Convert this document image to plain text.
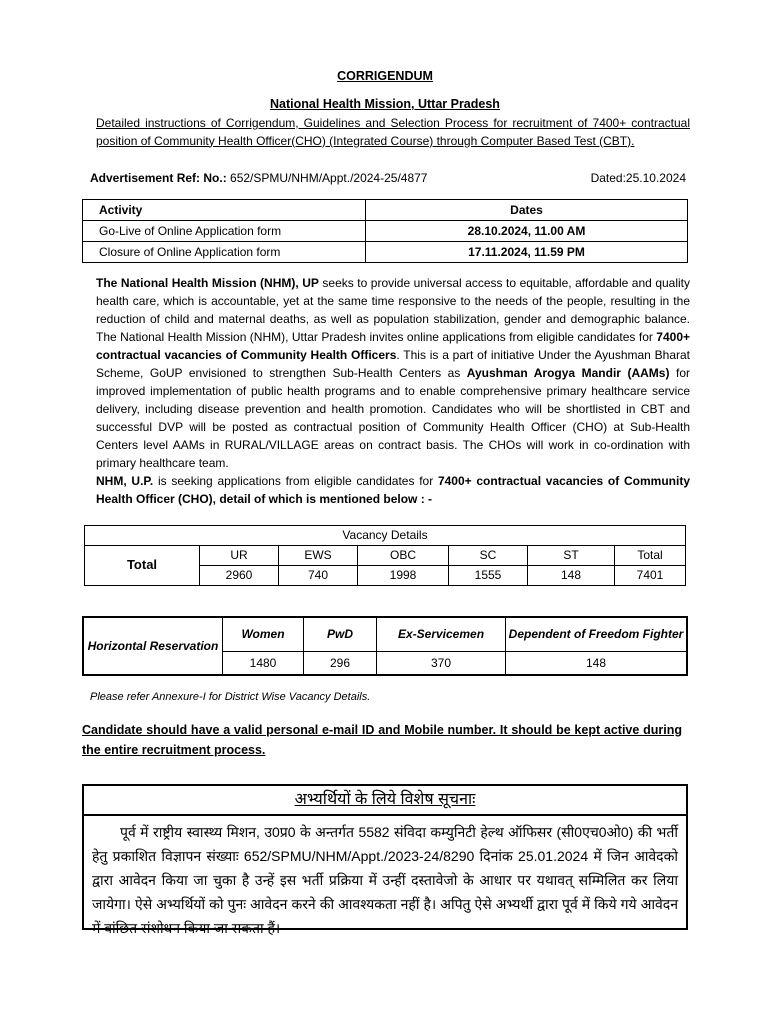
CORRIGENDUM
National Health Mission, Uttar Pradesh
Detailed instructions of Corrigendum, Guidelines and Selection Process for recruitment of 7400+ contractual position of Community Health Officer(CHO) (Integrated Course) through Computer Based Test (CBT).
Advertisement Ref: No.: 652/SPMU/NHM/Appt./2024-25/4877	Dated:25.10.2024
Activity	Dates
Go-Live of Online Application form	28.10.2024, 11.00 AM
Closure of Online Application form	17.11.2024, 11.59 PM
The National Health Mission (NHM), UP seeks to provide universal access to equitable, affordable and quality health care, which is accountable, yet at the same time responsive to the needs of the people, resulting in the reduction of child and maternal deaths, as well as population stabilization, gender and demographic balance. The National Health Mission (NHM), Uttar Pradesh invites online applications from eligible candidates for 7400+ contractual vacancies of Community Health Officers. This is a part of initiative Under the Ayushman Bharat Scheme, GoUP envisioned to strengthen Sub-Health Centers as Ayushman Arogya Mandir (AAMs) for improved implementation of public health programs and to enable comprehensive primary healthcare service delivery, including disease prevention and health promotion. Candidates who will be shortlisted in CBT and successful DVP will be posted as contractual position of Community Health Officer (CHO) at Sub-Health Centers level AAMs in RURAL/VILLAGE areas on contract basis. The CHOs will work in co-ordination with primary healthcare team.
NHM, U.P. is seeking applications from eligible candidates for 7400+ contractual vacancies of Community Health Officer (CHO), detail of which is mentioned below : -
Vacancy Details						
Total	UR	EWS	OBC	SC	ST	Total
	2960	740	1998	1555	148	7401
Horizontal Reservation	Women	PwD	Ex-Servicemen	Dependent of Freedom Fighter
	1480	296	370	148
Please refer Annexure-I for District Wise Vacancy Details.
Candidate should have a valid personal e-mail ID and Mobile number. It should be kept active during the entire recruitment process.
अभ्यर्थियों के लिये विशेष सूचनाः
पूर्व में राष्ट्रीय स्वास्थ्य मिशन, उ0प्र0 के अन्तर्गत 5582 संविदा कम्युनिटी हेल्थ ऑफिसर (सी0एच0ओ0) की भर्ती हेतु प्रकाशित विज्ञापन संख्याः 652/SPMU/NHM/Appt./2023-24/8290 दिनांक 25.01.2024 में जिन आवेदको द्वारा आवेदन किया जा चुका है उन्हें इस भर्ती प्रक्रिया में उन्हीं दस्तावेजो के आधार पर यथावत् सम्मिलित कर लिया जायेगा। ऐसे अभ्यर्थियों को पुनः आवेदन करने की आवश्यकता नहीं है। अपितु ऐसे अभ्यर्थी द्वारा पूर्व में किये गये आवेदन में वांछित संशोधन किया जा सकता हैं।
